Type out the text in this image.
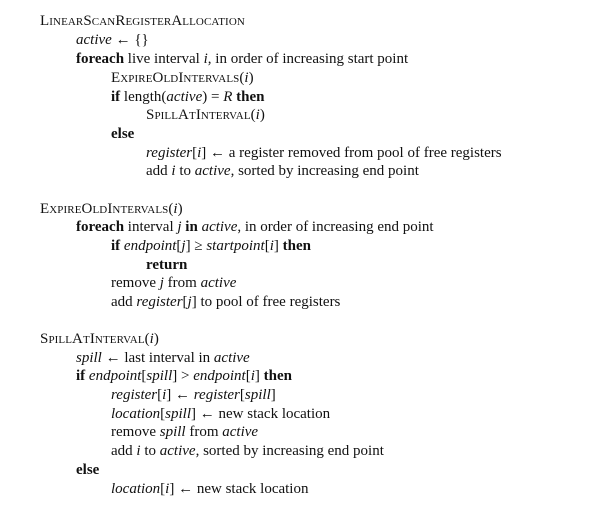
LinearScanRegisterAllocation
active ← {}
foreach live interval i, in order of increasing start point
ExpireOldIntervals(i)
if length(active) = R then
SpillAtInterval(i)
else
register[i] ← a register removed from pool of free registers
add i to active, sorted by increasing end point
ExpireOldIntervals(i)
foreach interval j in active, in order of increasing end point
if endpoint[j] ≥ startpoint[i] then
return
remove j from active
add register[j] to pool of free registers
SpillAtInterval(i)
spill ← last interval in active
if endpoint[spill] > endpoint[i] then
register[i] ← register[spill]
location[spill] ← new stack location
remove spill from active
add i to active, sorted by increasing end point
else
location[i] ← new stack location
